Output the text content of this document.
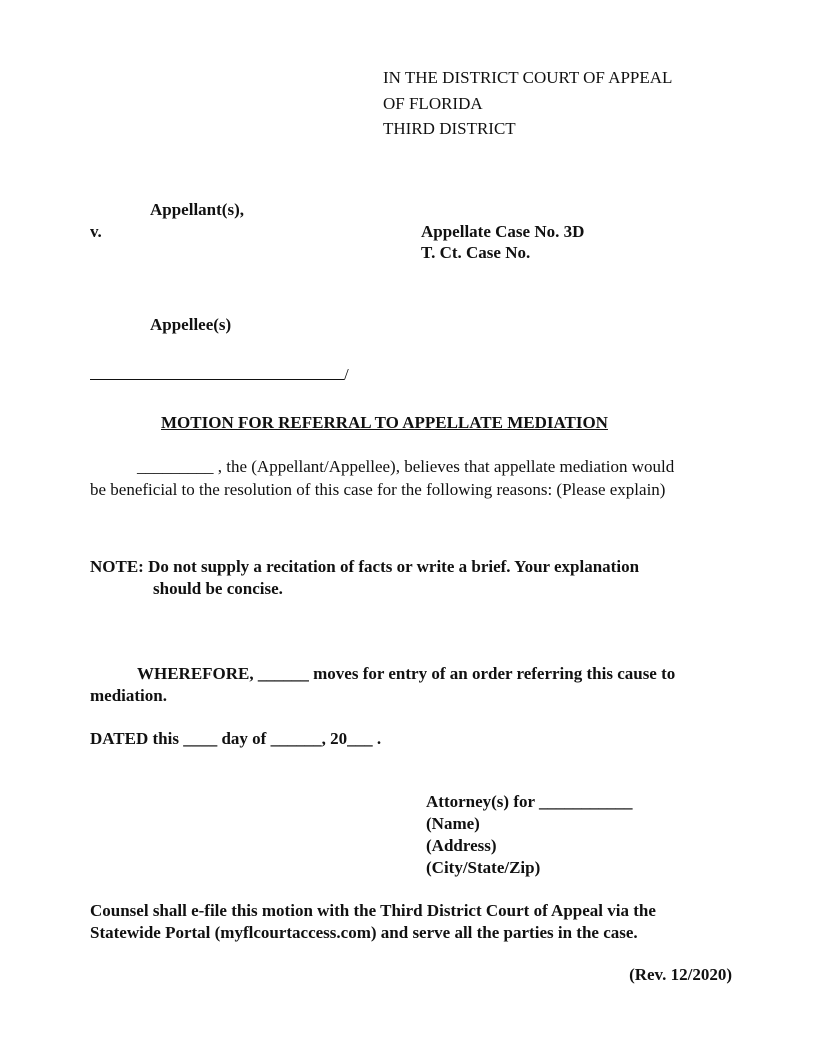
IN THE DISTRICT COURT OF APPEAL
OF FLORIDA
THIRD DISTRICT
Appellant(s),
v.	Appellate Case No. 3D
T. Ct. Case No.
Appellee(s)
/
MOTION FOR REFERRAL TO APPELLATE MEDIATION
_________ , the (Appellant/Appellee), believes that appellate mediation would
be beneficial to the resolution of this case for the following reasons: (Please explain)
NOTE: Do not supply a recitation of facts or write a brief. Your explanation
should be concise.
WHEREFORE, ______ moves for entry of an order referring this cause to
mediation.
DATED this ____ day of ______, 20___ .
Attorney(s) for ___________
(Name)
(Address)
(City/State/Zip)
Counsel shall e-file this motion with the Third District Court of Appeal via the
Statewide Portal (myflcourtaccess.com) and serve all the parties in the case.
(Rev. 12/2020)
